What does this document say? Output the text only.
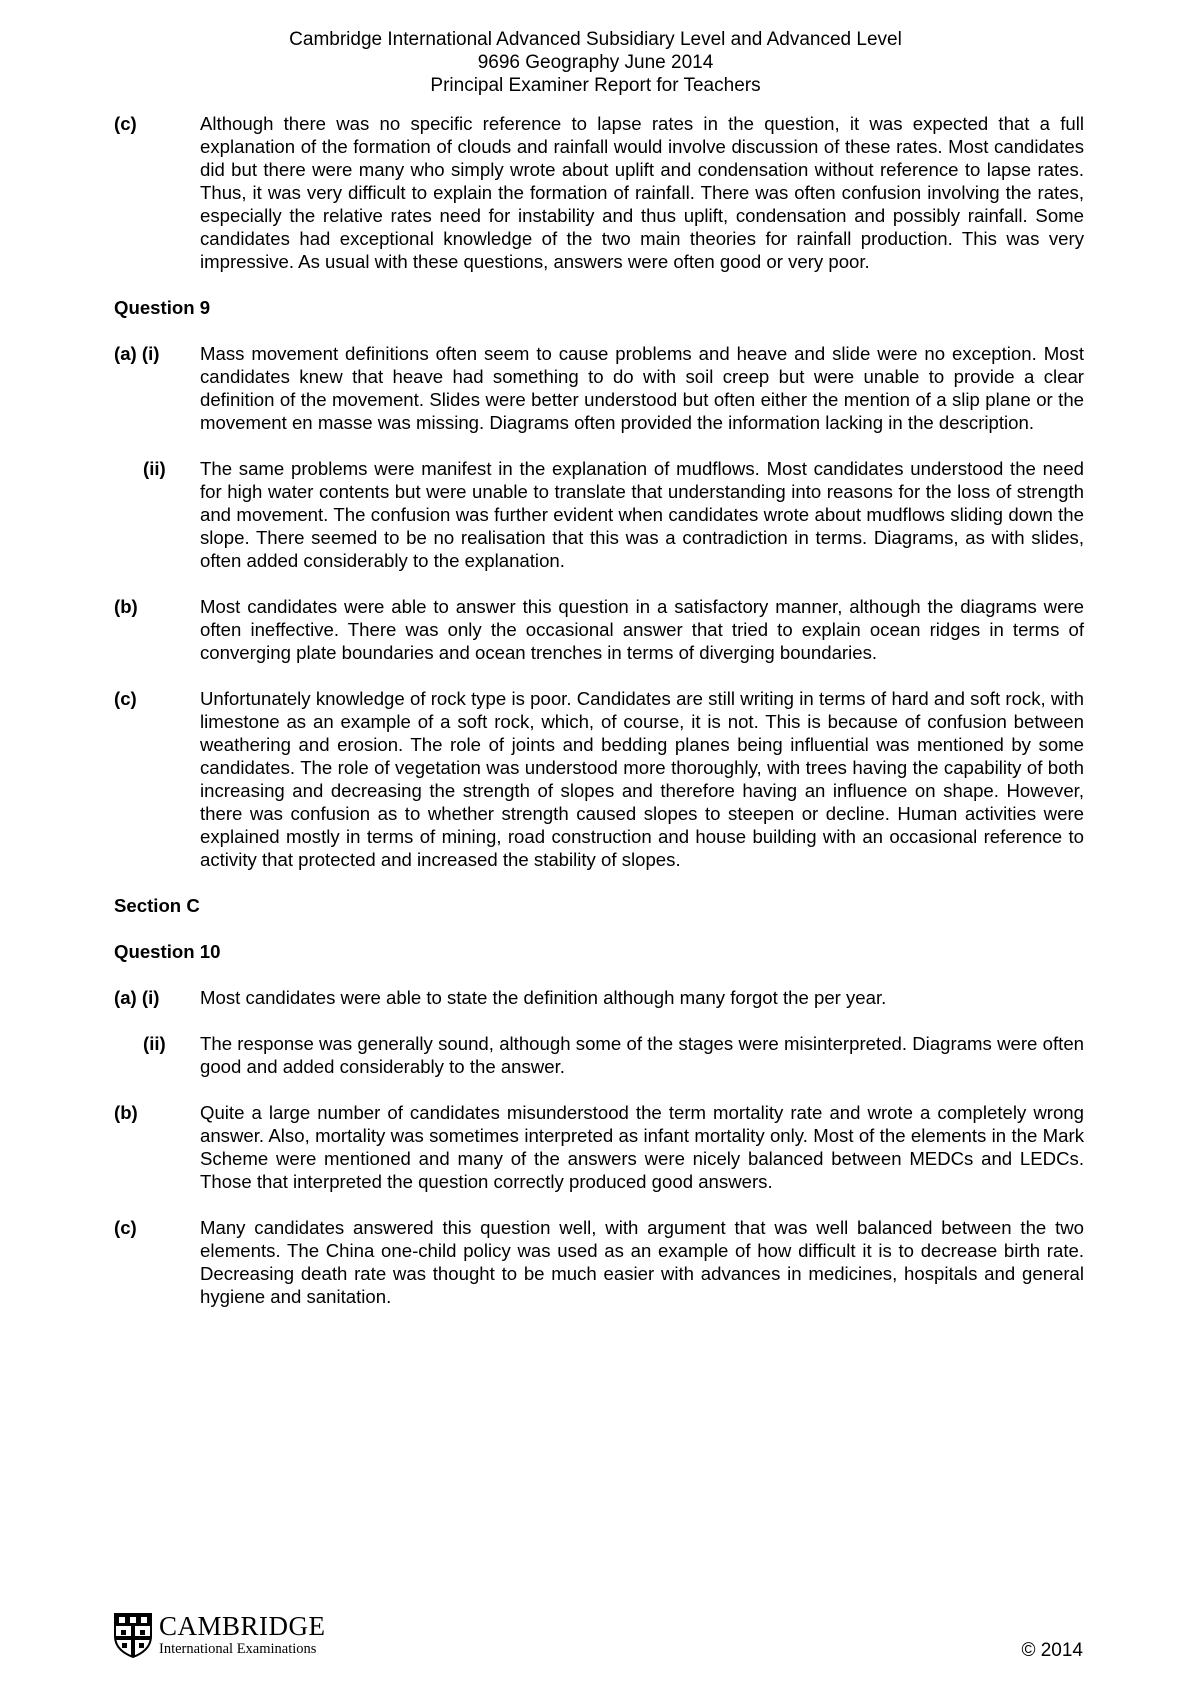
Cambridge International Advanced Subsidiary Level and Advanced Level
9696 Geography June 2014
Principal Examiner Report for Teachers
(c)	Although there was no specific reference to lapse rates in the question, it was expected that a full explanation of the formation of clouds and rainfall would involve discussion of these rates. Most candidates did but there were many who simply wrote about uplift and condensation without reference to lapse rates. Thus, it was very difficult to explain the formation of rainfall. There was often confusion involving the rates, especially the relative rates need for instability and thus uplift, condensation and possibly rainfall. Some candidates had exceptional knowledge of the two main theories for rainfall production. This was very impressive. As usual with these questions, answers were often good or very poor.
Question 9
(a) (i)	Mass movement definitions often seem to cause problems and heave and slide were no exception. Most candidates knew that heave had something to do with soil creep but were unable to provide a clear definition of the movement. Slides were better understood but often either the mention of a slip plane or the movement en masse was missing. Diagrams often provided the information lacking in the description.
(ii)	The same problems were manifest in the explanation of mudflows. Most candidates understood the need for high water contents but were unable to translate that understanding into reasons for the loss of strength and movement. The confusion was further evident when candidates wrote about mudflows sliding down the slope. There seemed to be no realisation that this was a contradiction in terms. Diagrams, as with slides, often added considerably to the explanation.
(b)	Most candidates were able to answer this question in a satisfactory manner, although the diagrams were often ineffective. There was only the occasional answer that tried to explain ocean ridges in terms of converging plate boundaries and ocean trenches in terms of diverging boundaries.
(c)	Unfortunately knowledge of rock type is poor. Candidates are still writing in terms of hard and soft rock, with limestone as an example of a soft rock, which, of course, it is not. This is because of confusion between weathering and erosion. The role of joints and bedding planes being influential was mentioned by some candidates. The role of vegetation was understood more thoroughly, with trees having the capability of both increasing and decreasing the strength of slopes and therefore having an influence on shape. However, there was confusion as to whether strength caused slopes to steepen or decline. Human activities were explained mostly in terms of mining, road construction and house building with an occasional reference to activity that protected and increased the stability of slopes.
Section C
Question 10
(a) (i)	Most candidates were able to state the definition although many forgot the per year.
(ii)	The response was generally sound, although some of the stages were misinterpreted. Diagrams were often good and added considerably to the answer.
(b)	Quite a large number of candidates misunderstood the term mortality rate and wrote a completely wrong answer. Also, mortality was sometimes interpreted as infant mortality only. Most of the elements in the Mark Scheme were mentioned and many of the answers were nicely balanced between MEDCs and LEDCs. Those that interpreted the question correctly produced good answers.
(c)	Many candidates answered this question well, with argument that was well balanced between the two elements. The China one-child policy was used as an example of how difficult it is to decrease birth rate. Decreasing death rate was thought to be much easier with advances in medicines, hospitals and general hygiene and sanitation.
CAMBRIDGE
International Examinations	© 2014
